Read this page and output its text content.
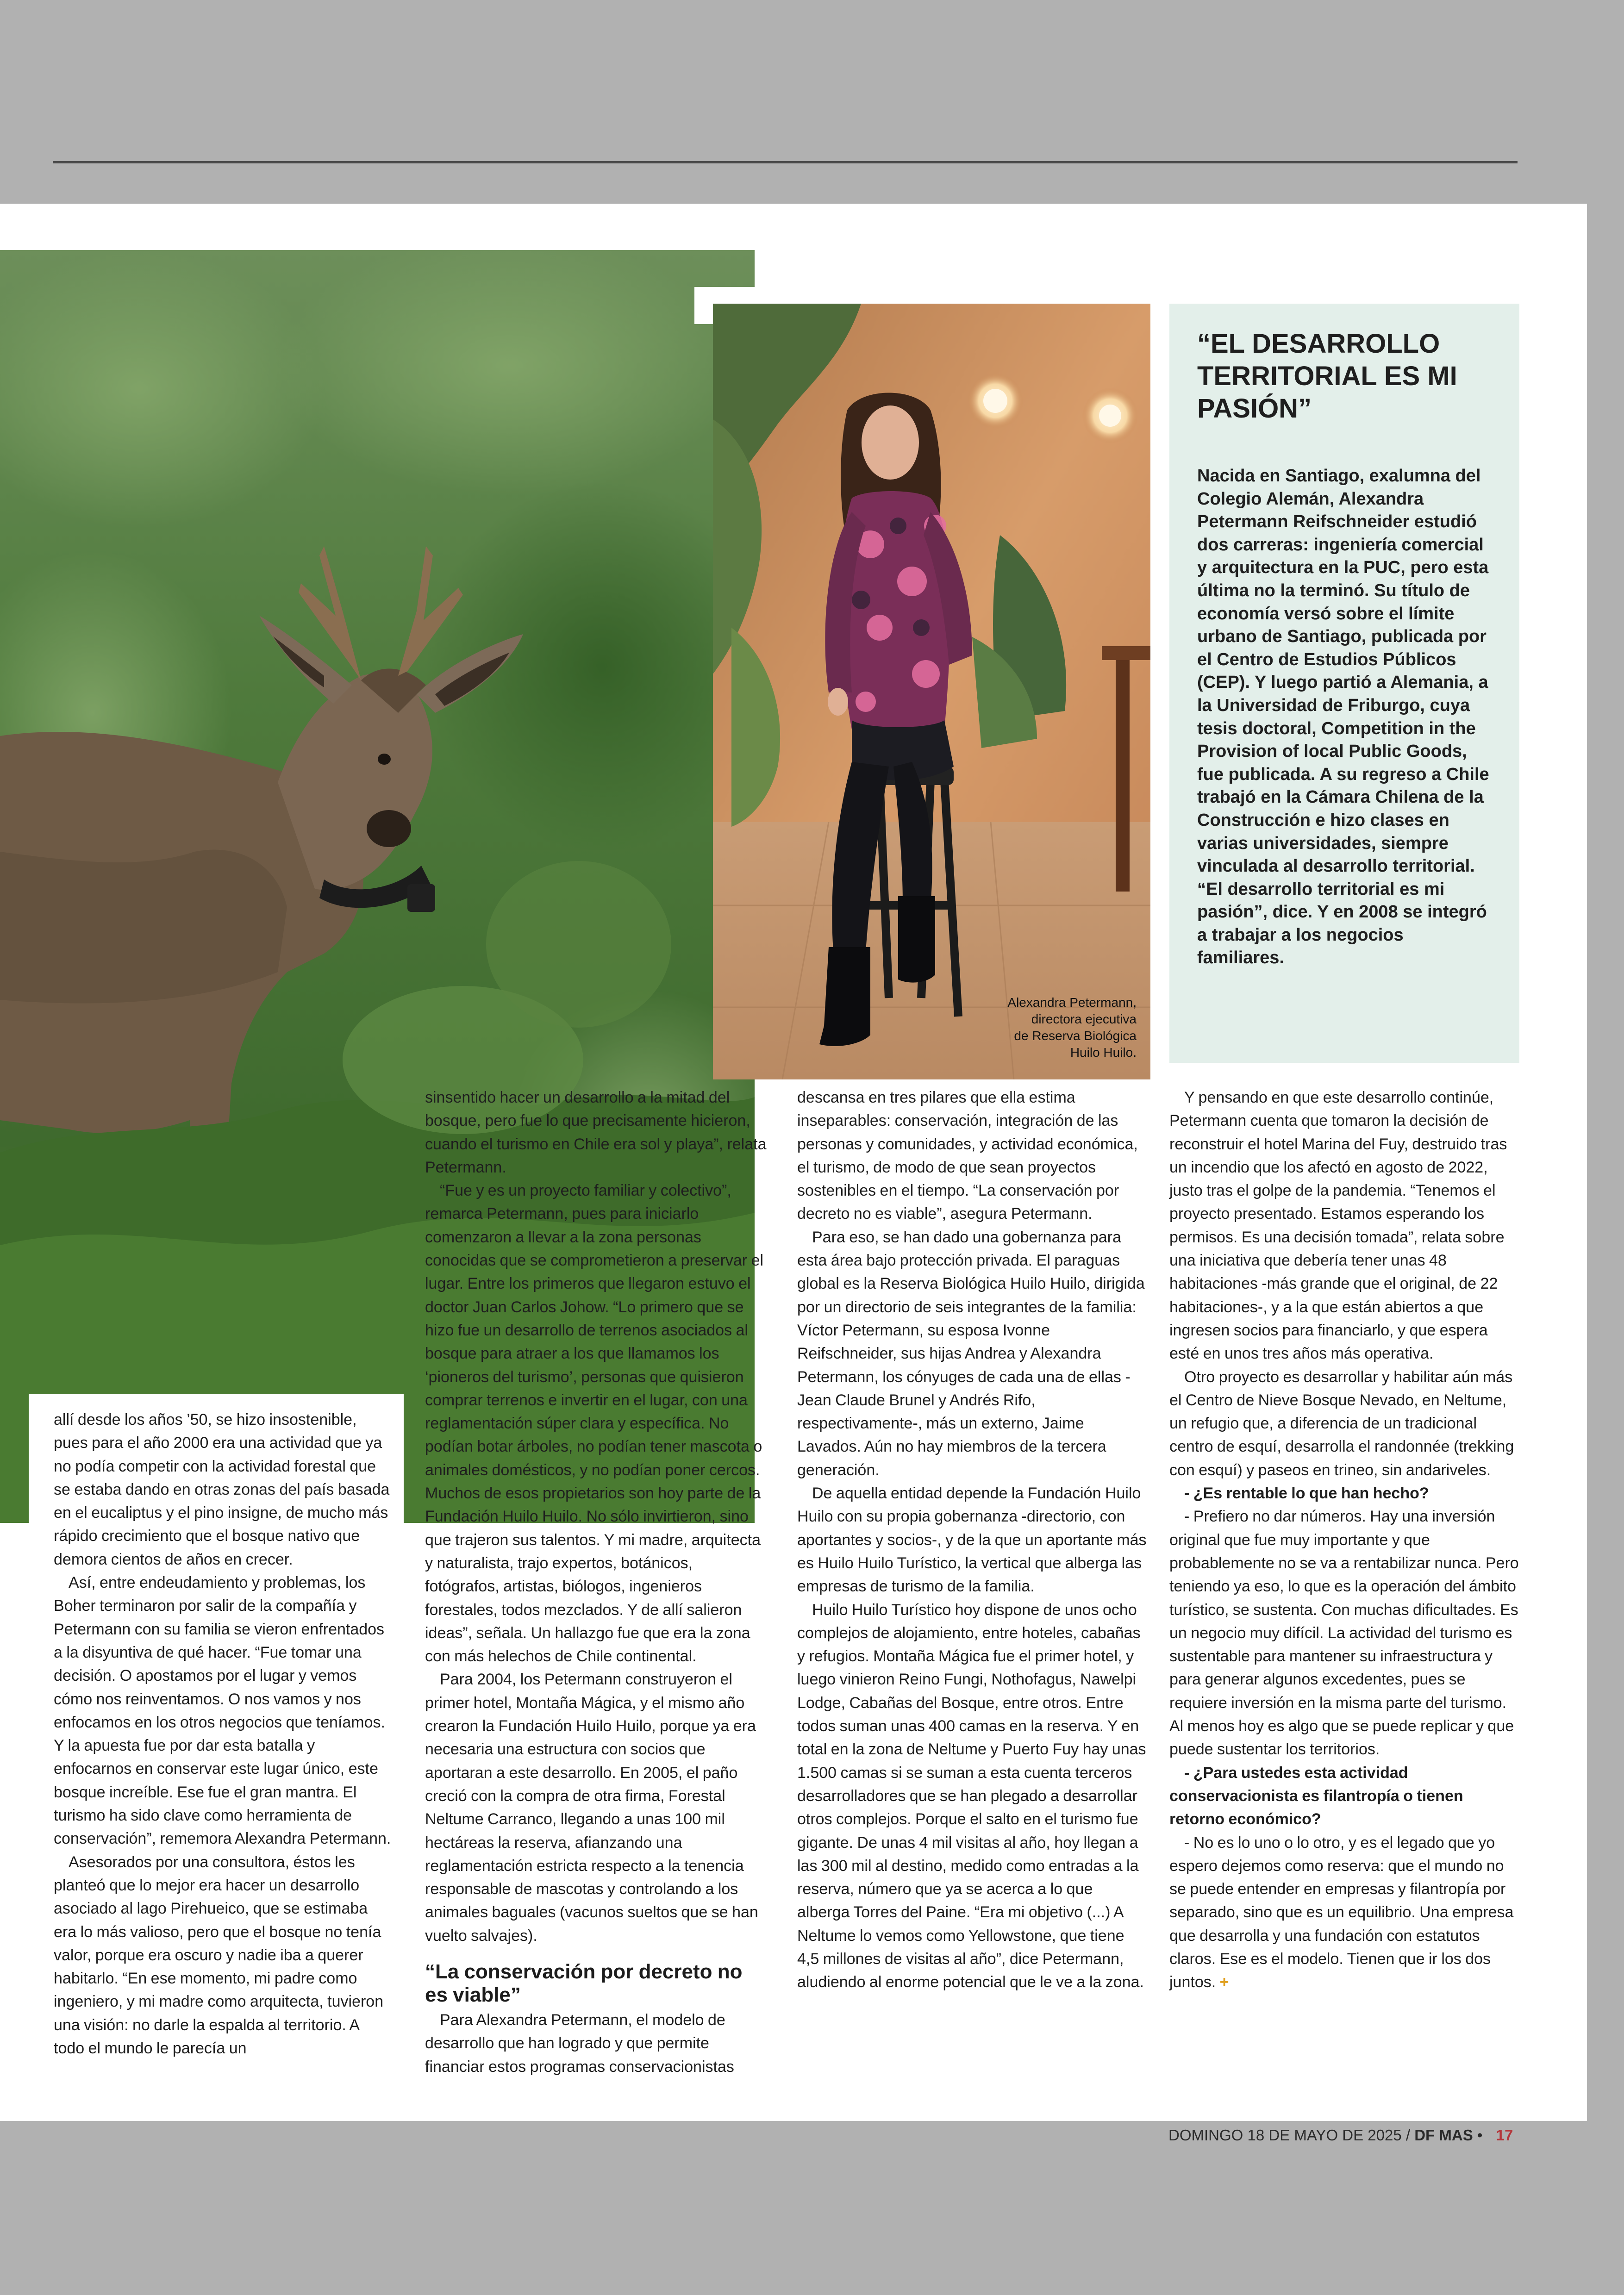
Alexandra Petermann,
directora ejecutiva
de Reserva Biológica
Huilo Huilo.
“EL DESARROLLO TERRITORIAL ES MI PASIÓN”

Nacida en Santiago, exalumna del Colegio Alemán, Alexandra Petermann Reifschneider estudió dos carreras: ingeniería comercial y arquitectura en la PUC, pero esta última no la terminó. Su título de economía versó sobre el límite urbano de Santiago, publicada por el Centro de Estudios Públicos (CEP). Y luego partió a Alemania, a la Universidad de Friburgo, cuya tesis doctoral, Competition in the Provision of local Public Goods, fue publicada. A su regreso a Chile trabajó en la Cámara Chilena de la Construcción e hizo clases en varias universidades, siempre vinculada al desarrollo territorial. “El desarrollo territorial es mi pasión”, dice. Y en 2008 se integró a trabajar a los negocios familiares.

allí desde los años ’50, se hizo insostenible, pues para el año 2000 era una actividad que ya no podía competir con la actividad forestal que se estaba dando en otras zonas del país basada en el eucaliptus y el pino insigne, de mucho más rápido crecimiento que el bosque nativo que demora cientos de años en crecer.

Así, entre endeudamiento y problemas, los Boher terminaron por salir de la compañía y Petermann con su familia se vieron enfrentados a la disyuntiva de qué hacer. “Fue tomar una decisión. O apostamos por el lugar y vemos cómo nos reinventamos. O nos vamos y nos enfocamos en los otros negocios que teníamos. Y la apuesta fue por dar esta batalla y enfocarnos en conservar este lugar único, este bosque increíble. Ese fue el gran mantra. El turismo ha sido clave como herramienta de conservación”, rememora Alexandra Petermann.

Asesorados por una consultora, éstos les planteó que lo mejor era hacer un desarrollo asociado al lago Pirehueico, que se estimaba era lo más valioso, pero que el bosque no tenía valor, porque era oscuro y nadie iba a querer habitarlo. “En ese momento, mi padre como ingeniero, y mi madre como arquitecta, tuvieron una visión: no darle la espalda al territorio. A todo el mundo le parecía un

sinsentido hacer un desarrollo a la mitad del bosque, pero fue lo que precisamente hicieron, cuando el turismo en Chile era sol y playa”, relata Petermann.

“Fue y es un proyecto familiar y colectivo”, remarca Petermann, pues para iniciarlo comenzaron a llevar a la zona personas conocidas que se comprometieron a preservar el lugar. Entre los primeros que llegaron estuvo el doctor Juan Carlos Johow. “Lo primero que se hizo fue un desarrollo de terrenos asociados al bosque para atraer a los que llamamos los ‘pioneros del turismo’, personas que quisieron comprar terrenos e invertir en el lugar, con una reglamentación súper clara y específica. No podían botar árboles, no podían tener mascota o animales domésticos, y no podían poner cercos. Muchos de esos propietarios son hoy parte de la Fundación Huilo Huilo. No sólo invirtieron, sino que trajeron sus talentos. Y mi madre, arquitecta y naturalista, trajo expertos, botánicos, fotógrafos, artistas, biólogos, ingenieros forestales, todos mezclados. Y de allí salieron ideas”, señala. Un hallazgo fue que era la zona con más helechos de Chile continental.

Para 2004, los Petermann construyeron el primer hotel, Montaña Mágica, y el mismo año crearon la Fundación Huilo Huilo, porque ya era necesaria una estructura con socios que aportaran a este desarrollo. En 2005, el paño creció con la compra de otra firma, Forestal Neltume Carranco, llegando a unas 100 mil hectáreas la reserva, afianzando una reglamentación estricta respecto a la tenencia responsable de mascotas y controlando a los animales baguales (vacunos sueltos que se han vuelto salvajes).

“La conservación por decreto no es viable”

Para Alexandra Petermann, el modelo de desarrollo que han logrado y que permite financiar estos programas conservacionistas

descansa en tres pilares que ella estima inseparables: conservación, integración de las personas y comunidades, y actividad económica, el turismo, de modo de que sean proyectos sostenibles en el tiempo. “La conservación por decreto no es viable”, asegura Petermann.

Para eso, se han dado una gobernanza para esta área bajo protección privada. El paraguas global es la Reserva Biológica Huilo Huilo, dirigida por un directorio de seis integrantes de la familia: Víctor Petermann, su esposa Ivonne Reifschneider, sus hijas Andrea y Alexandra Petermann, los cónyuges de cada una de ellas -Jean Claude Brunel y Andrés Rifo, respectivamente-, más un externo, Jaime Lavados. Aún no hay miembros de la tercera generación.

De aquella entidad depende la Fundación Huilo Huilo con su propia gobernanza -directorio, con aportantes y socios-, y de la que un aportante más es Huilo Huilo Turístico, la vertical que alberga las empresas de turismo de la familia.

Huilo Huilo Turístico hoy dispone de unos ocho complejos de alojamiento, entre hoteles, cabañas y refugios. Montaña Mágica fue el primer hotel, y luego vinieron Reino Fungi, Nothofagus, Nawelpi Lodge, Cabañas del Bosque, entre otros. Entre todos suman unas 400 camas en la reserva. Y en total en la zona de Neltume y Puerto Fuy hay unas 1.500 camas si se suman a esta cuenta terceros desarrolladores que se han plegado a desarrollar otros complejos. Porque el salto en el turismo fue gigante. De unas 4 mil visitas al año, hoy llegan a las 300 mil al destino, medido como entradas a la reserva, número que ya se acerca a lo que alberga Torres del Paine. “Era mi objetivo (...) A Neltume lo vemos como Yellowstone, que tiene 4,5 millones de visitas al año”, dice Petermann, aludiendo al enorme potencial que le ve a la zona.

Y pensando en que este desarrollo continúe, Petermann cuenta que tomaron la decisión de reconstruir el hotel Marina del Fuy, destruido tras un incendio que los afectó en agosto de 2022, justo tras el golpe de la pandemia. “Tenemos el proyecto presentado. Estamos esperando los permisos. Es una decisión tomada”, relata sobre una iniciativa que debería tener unas 48 habitaciones -más grande que el original, de 22 habitaciones-, y a la que están abiertos a que ingresen socios para financiarlo, y que espera esté en unos tres años más operativa.

Otro proyecto es desarrollar y habilitar aún más el Centro de Nieve Bosque Nevado, en Neltume, un refugio que, a diferencia de un tradicional centro de esquí, desarrolla el randonnée (trekking con esquí) y paseos en trineo, sin andariveles.

- ¿Es rentable lo que han hecho?

- Prefiero no dar números. Hay una inversión original que fue muy importante y que probablemente no se va a rentabilizar nunca. Pero teniendo ya eso, lo que es la operación del ámbito turístico, se sustenta. Con muchas dificultades. Es un negocio muy difícil. La actividad del turismo es sustentable para mantener su infraestructura y para generar algunos excedentes, pues se requiere inversión en la misma parte del turismo. Al menos hoy es algo que se puede replicar y que puede sustentar los territorios.

- ¿Para ustedes esta actividad conservacionista es filantropía o tienen retorno económico?

- No es lo uno o lo otro, y es el legado que yo espero dejemos como reserva: que el mundo no se puede entender en empresas y filantropía por separado, sino que es un equilibrio. Una empresa que desarrolla y una fundación con estatutos claros. Ese es el modelo. Tienen que ir los dos juntos. +

DOMINGO 18 DE MAYO DE 2025 / DF MAS • 17
